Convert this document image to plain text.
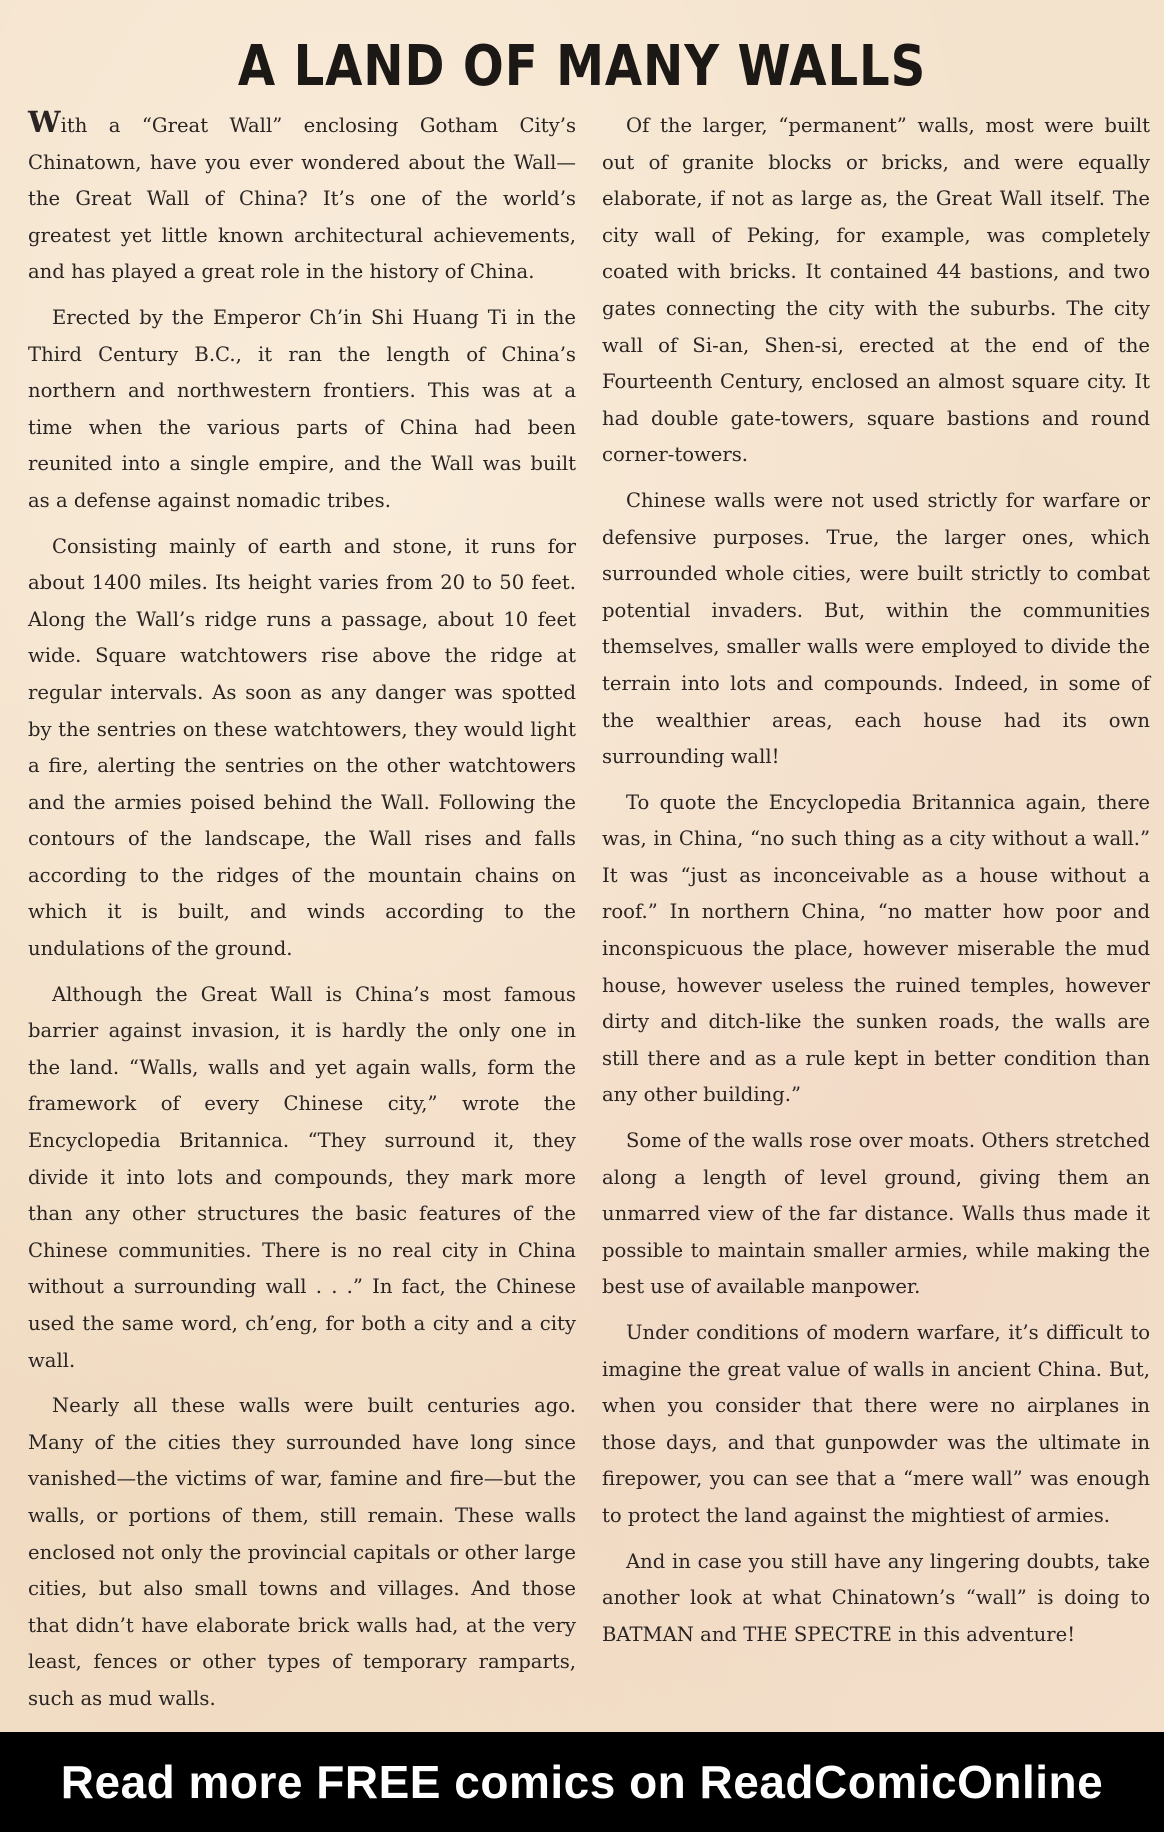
A LAND OF MANY WALLS

With a “Great Wall” enclosing Gotham City’s Chinatown, have you ever wondered about the Wall—the Great Wall of China? It’s one of the world’s greatest yet little known architectural achievements, and has played a great role in the history of China.

Erected by the Emperor Ch’in Shi Huang Ti in the Third Century B.C., it ran the length of China’s northern and northwestern frontiers. This was at a time when the various parts of China had been reunited into a single empire, and the Wall was built as a defense against nomadic tribes.

Consisting mainly of earth and stone, it runs for about 1400 miles. Its height varies from 20 to 50 feet. Along the Wall’s ridge runs a passage, about 10 feet wide. Square watchtowers rise above the ridge at regular intervals. As soon as any danger was spotted by the sentries on these watchtowers, they would light a fire, alerting the sentries on the other watchtowers and the armies poised behind the Wall. Following the contours of the landscape, the Wall rises and falls according to the ridges of the mountain chains on which it is built, and winds according to the undulations of the ground.

Although the Great Wall is China’s most famous barrier against invasion, it is hardly the only one in the land. “Walls, walls and yet again walls, form the framework of every Chinese city,” wrote the Encyclopedia Britannica. “They surround it, they divide it into lots and compounds, they mark more than any other structures the basic features of the Chinese communities. There is no real city in China without a surrounding wall . . .” In fact, the Chinese used the same word, ch’eng, for both a city and a city wall.

Nearly all these walls were built centuries ago. Many of the cities they surrounded have long since vanished—the victims of war, famine and fire—but the walls, or portions of them, still remain. These walls enclosed not only the provincial capitals or other large cities, but also small towns and villages. And those that didn’t have elaborate brick walls had, at the very least, fences or other types of temporary ramparts, such as mud walls.

Of the larger, “permanent” walls, most were built out of granite blocks or bricks, and were equally elaborate, if not as large as, the Great Wall itself. The city wall of Peking, for example, was completely coated with bricks. It contained 44 bastions, and two gates connecting the city with the suburbs. The city wall of Si-an, Shen-si, erected at the end of the Fourteenth Century, enclosed an almost square city. It had double gate-towers, square bastions and round corner-towers.

Chinese walls were not used strictly for warfare or defensive purposes. True, the larger ones, which surrounded whole cities, were built strictly to combat potential invaders. But, within the communities themselves, smaller walls were employed to divide the terrain into lots and compounds. Indeed, in some of the wealthier areas, each house had its own surrounding wall!

To quote the Encyclopedia Britannica again, there was, in China, “no such thing as a city without a wall.” It was “just as inconceivable as a house without a roof.” In northern China, “no matter how poor and inconspicuous the place, however miserable the mud house, however useless the ruined temples, however dirty and ditch-like the sunken roads, the walls are still there and as a rule kept in better condition than any other building.”

Some of the walls rose over moats. Others stretched along a length of level ground, giving them an unmarred view of the far distance. Walls thus made it possible to maintain smaller armies, while making the best use of available manpower.

Under conditions of modern warfare, it’s difficult to imagine the great value of walls in ancient China. But, when you consider that there were no airplanes in those days, and that gunpowder was the ultimate in firepower, you can see that a “mere wall” was enough to protect the land against the mightiest of armies.

And in case you still have any lingering doubts, take another look at what Chinatown’s “wall” is doing to BATMAN and THE SPECTRE in this adventure!

Read more FREE comics on ReadComicOnline
